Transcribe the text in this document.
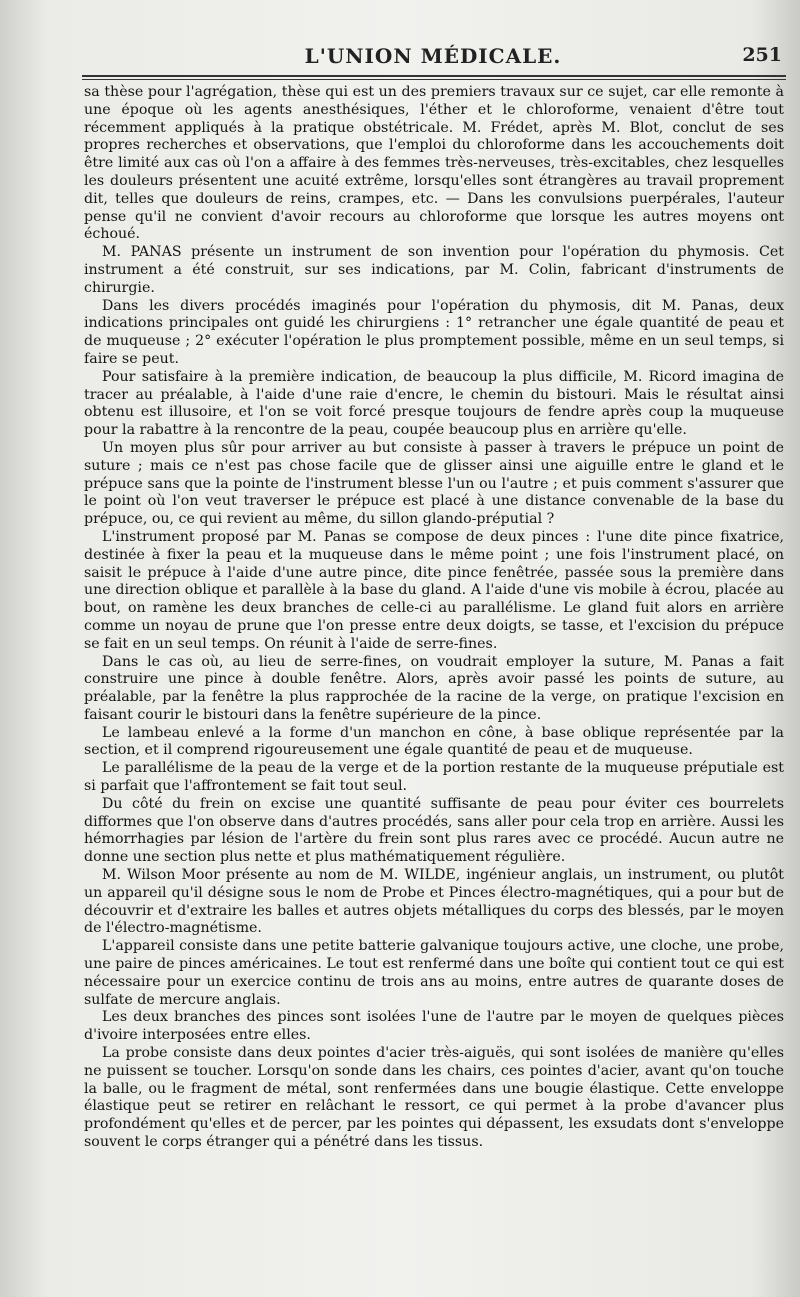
L'UNION MÉDICALE.	251

sa thèse pour l'agrégation, thèse qui est un des premiers travaux sur ce sujet, car elle remonte à une époque où les agents anesthésiques, l'éther et le chloroforme, venaient d'être tout récemment appliqués à la pratique obstétricale. M. Frédet, après M. Blot, conclut de ses propres recherches et observations, que l'emploi du chloroforme dans les accouchements doit être limité aux cas où l'on a affaire à des femmes très-nerveuses, très-excitables, chez lesquelles les douleurs présentent une acuité extrême, lorsqu'elles sont étrangères au travail proprement dit, telles que douleurs de reins, crampes, etc. — Dans les convulsions puerpérales, l'auteur pense qu'il ne convient d'avoir recours au chloroforme que lorsque les autres moyens ont échoué.

M. PANAS présente un instrument de son invention pour l'opération du phymosis. Cet instrument a été construit, sur ses indications, par M. Colin, fabricant d'instruments de chirurgie.

Dans les divers procédés imaginés pour l'opération du phymosis, dit M. Panas, deux indications principales ont guidé les chirurgiens : 1° retrancher une égale quantité de peau et de muqueuse ; 2° exécuter l'opération le plus promptement possible, même en un seul temps, si faire se peut.

Pour satisfaire à la première indication, de beaucoup la plus difficile, M. Ricord imagina de tracer au préalable, à l'aide d'une raie d'encre, le chemin du bistouri. Mais le résultat ainsi obtenu est illusoire, et l'on se voit forcé presque toujours de fendre après coup la muqueuse pour la rabattre à la rencontre de la peau, coupée beaucoup plus en arrière qu'elle.

Un moyen plus sûr pour arriver au but consiste à passer à travers le prépuce un point de suture ; mais ce n'est pas chose facile que de glisser ainsi une aiguille entre le gland et le prépuce sans que la pointe de l'instrument blesse l'un ou l'autre ; et puis comment s'assurer que le point où l'on veut traverser le prépuce est placé à une distance convenable de la base du prépuce, ou, ce qui revient au même, du sillon glando-préputial ?

L'instrument proposé par M. Panas se compose de deux pinces : l'une dite pince fixatrice, destinée à fixer la peau et la muqueuse dans le même point ; une fois l'instrument placé, on saisit le prépuce à l'aide d'une autre pince, dite pince fenêtrée, passée sous la première dans une direction oblique et parallèle à la base du gland. A l'aide d'une vis mobile à écrou, placée au bout, on ramène les deux branches de celle-ci au parallélisme. Le gland fuit alors en arrière comme un noyau de prune que l'on presse entre deux doigts, se tasse, et l'excision du prépuce se fait en un seul temps. On réunit à l'aide de serre-fines.

Dans le cas où, au lieu de serre-fines, on voudrait employer la suture, M. Panas a fait construire une pince à double fenêtre. Alors, après avoir passé les points de suture, au préalable, par la fenêtre la plus rapprochée de la racine de la verge, on pratique l'excision en faisant courir le bistouri dans la fenêtre supérieure de la pince.

Le lambeau enlevé a la forme d'un manchon en cône, à base oblique représentée par la section, et il comprend rigoureusement une égale quantité de peau et de muqueuse.

Le parallélisme de la peau de la verge et de la portion restante de la muqueuse préputiale est si parfait que l'affrontement se fait tout seul.

Du côté du frein on excise une quantité suffisante de peau pour éviter ces bourrelets difformes que l'on observe dans d'autres procédés, sans aller pour cela trop en arrière. Aussi les hémorrhagies par lésion de l'artère du frein sont plus rares avec ce procédé. Aucun autre ne donne une section plus nette et plus mathématiquement régulière.

M. Wilson Moor présente au nom de M. WILDE, ingénieur anglais, un instrument, ou plutôt un appareil qu'il désigne sous le nom de Probe et Pinces électro-magnétiques, qui a pour but de découvrir et d'extraire les balles et autres objets métalliques du corps des blessés, par le moyen de l'électro-magnétisme.

L'appareil consiste dans une petite batterie galvanique toujours active, une cloche, une probe, une paire de pinces américaines. Le tout est renfermé dans une boîte qui contient tout ce qui est nécessaire pour un exercice continu de trois ans au moins, entre autres de quarante doses de sulfate de mercure anglais.

Les deux branches des pinces sont isolées l'une de l'autre par le moyen de quelques pièces d'ivoire interposées entre elles.

La probe consiste dans deux pointes d'acier très-aiguës, qui sont isolées de manière qu'elles ne puissent se toucher. Lorsqu'on sonde dans les chairs, ces pointes d'acier, avant qu'on touche la balle, ou le fragment de métal, sont renfermées dans une bougie élastique. Cette enveloppe élastique peut se retirer en relâchant le ressort, ce qui permet à la probe d'avancer plus profondément qu'elles et de percer, par les pointes qui dépassent, les exsudats dont s'enveloppe souvent le corps étranger qui a pénétré dans les tissus.
